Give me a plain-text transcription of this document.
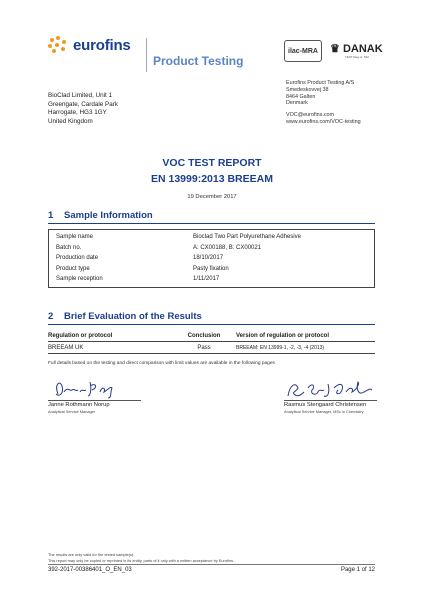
eurofins
Product Testing
ilac-MRA	♛ DANAK
TEST Reg.nr. 522
BioClad Limited, Unit 1
Greengate, Cardale Park
Harrogate, HG3 1GY
United Kingdom
Eurofins Product Testing A/S
Smedeskovvej 38
8464 Galten
Denmark
VOC@eurofins.com
www.eurofins.com/VOC-testing
VOC TEST REPORT
EN 13999:2013 BREEAM
19 December 2017
1 Sample Information
Sample name	Bioclad Two Part Polyurethane Adhesive
Batch no.	A: CX00188, B: CX00021
Production date	18/10/2017
Product type	Pasty fixation
Sample reception	1/11/2017
2 Brief Evaluation of the Results
Regulation or protocol	Conclusion	Version of regulation or protocol
BREEAM UK	Pass	BREEAM: EN 13999-1, -2, -3, -4 (2013)
Full details based on the testing and direct comparison with limit values are available in the following pages
Janne Rothmann Norup
Analytical Service Manager
Rasmus Stengaard Christensen
Analytical Service Manager, MSc in Chemistry
The results are only valid for the tested sample(s).
This report may only be copied or reprinted in its entity, parts of it only with a written acceptance by Eurofins.
392-2017-00386401_O_EN_03	Page 1 of 12
